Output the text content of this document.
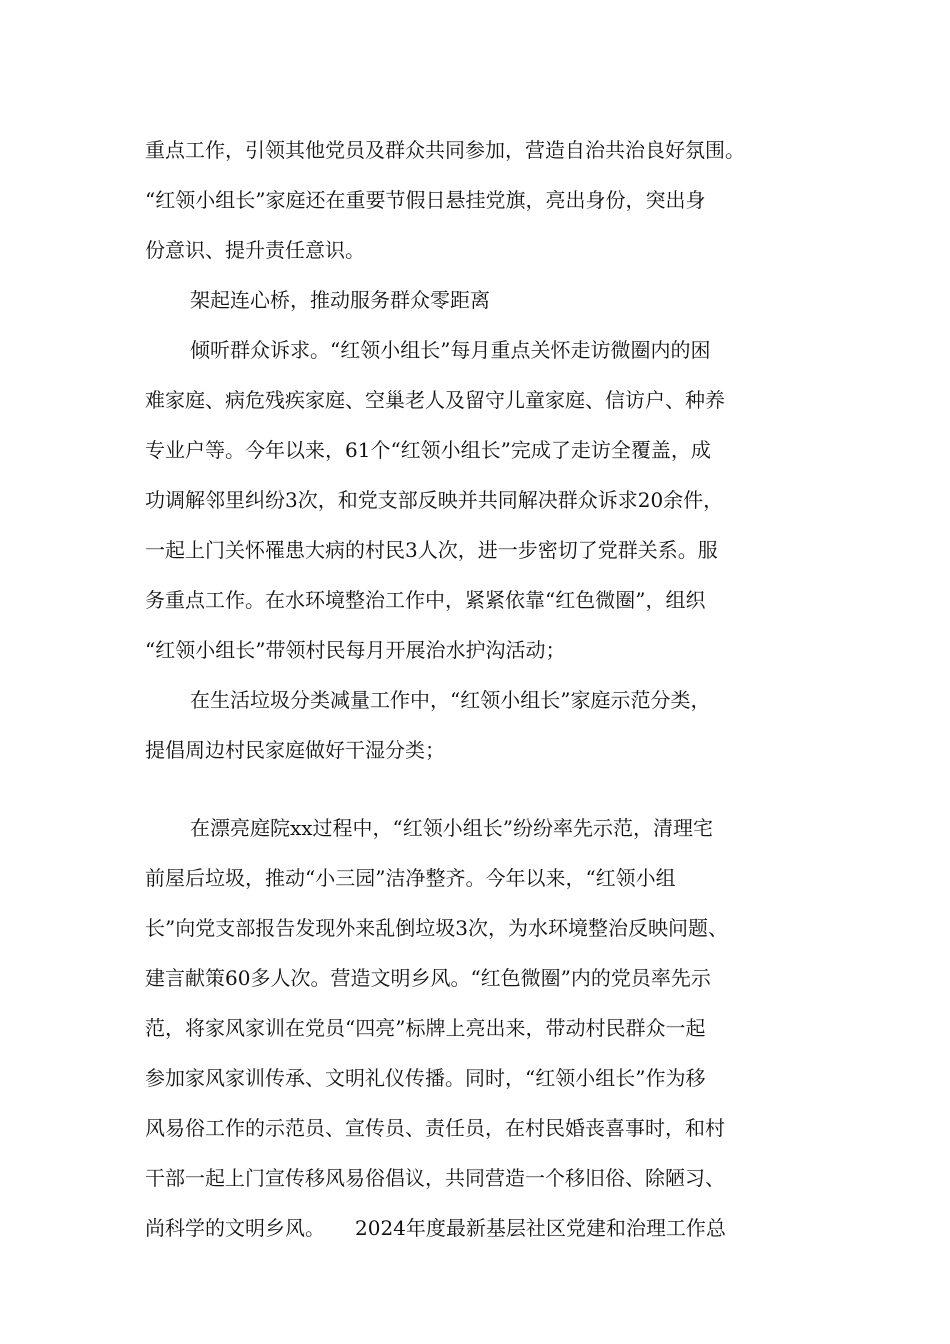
重点工作，引领其他党员及群众共同参加，营造自治共治良好氛围。
“红领小组长”家庭还在重要节假日悬挂党旗，亮出身份，突出身
份意识、提升责任意识。
架起连心桥，推动服务群众零距离
倾听群众诉求。“红领小组长”每月重点关怀走访微圈内的困
难家庭、病危残疾家庭、空巢老人及留守儿童家庭、信访户、种养
专业户等。今年以来，61个“红领小组长”完成了走访全覆盖，成
功调解邻里纠纷3次，和党支部反映并共同解决群众诉求20余件，
一起上门关怀罹患大病的村民3人次，进一步密切了党群关系。服
务重点工作。在水环境整治工作中，紧紧依靠“红色微圈”，组织
“红领小组长”带领村民每月开展治水护沟活动；
在生活垃圾分类减量工作中，“红领小组长”家庭示范分类，
提倡周边村民家庭做好干湿分类；
在漂亮庭院xx过程中，“红领小组长”纷纷率先示范，清理宅
前屋后垃圾，推动“小三园”洁净整齐。今年以来，“红领小组
长”向党支部报告发现外来乱倒垃圾3次，为水环境整治反映问题、
建言献策60多人次。营造文明乡风。“红色微圈”内的党员率先示
范，将家风家训在党员“四亮”标牌上亮出来，带动村民群众一起
参加家风家训传承、文明礼仪传播。同时，“红领小组长”作为移
风易俗工作的示范员、宣传员、责任员，在村民婚丧喜事时，和村
干部一起上门宣传移风易俗倡议，共同营造一个移旧俗、除陋习、
尚科学的文明乡风。　　2024年度最新基层社区党建和治理工作总
